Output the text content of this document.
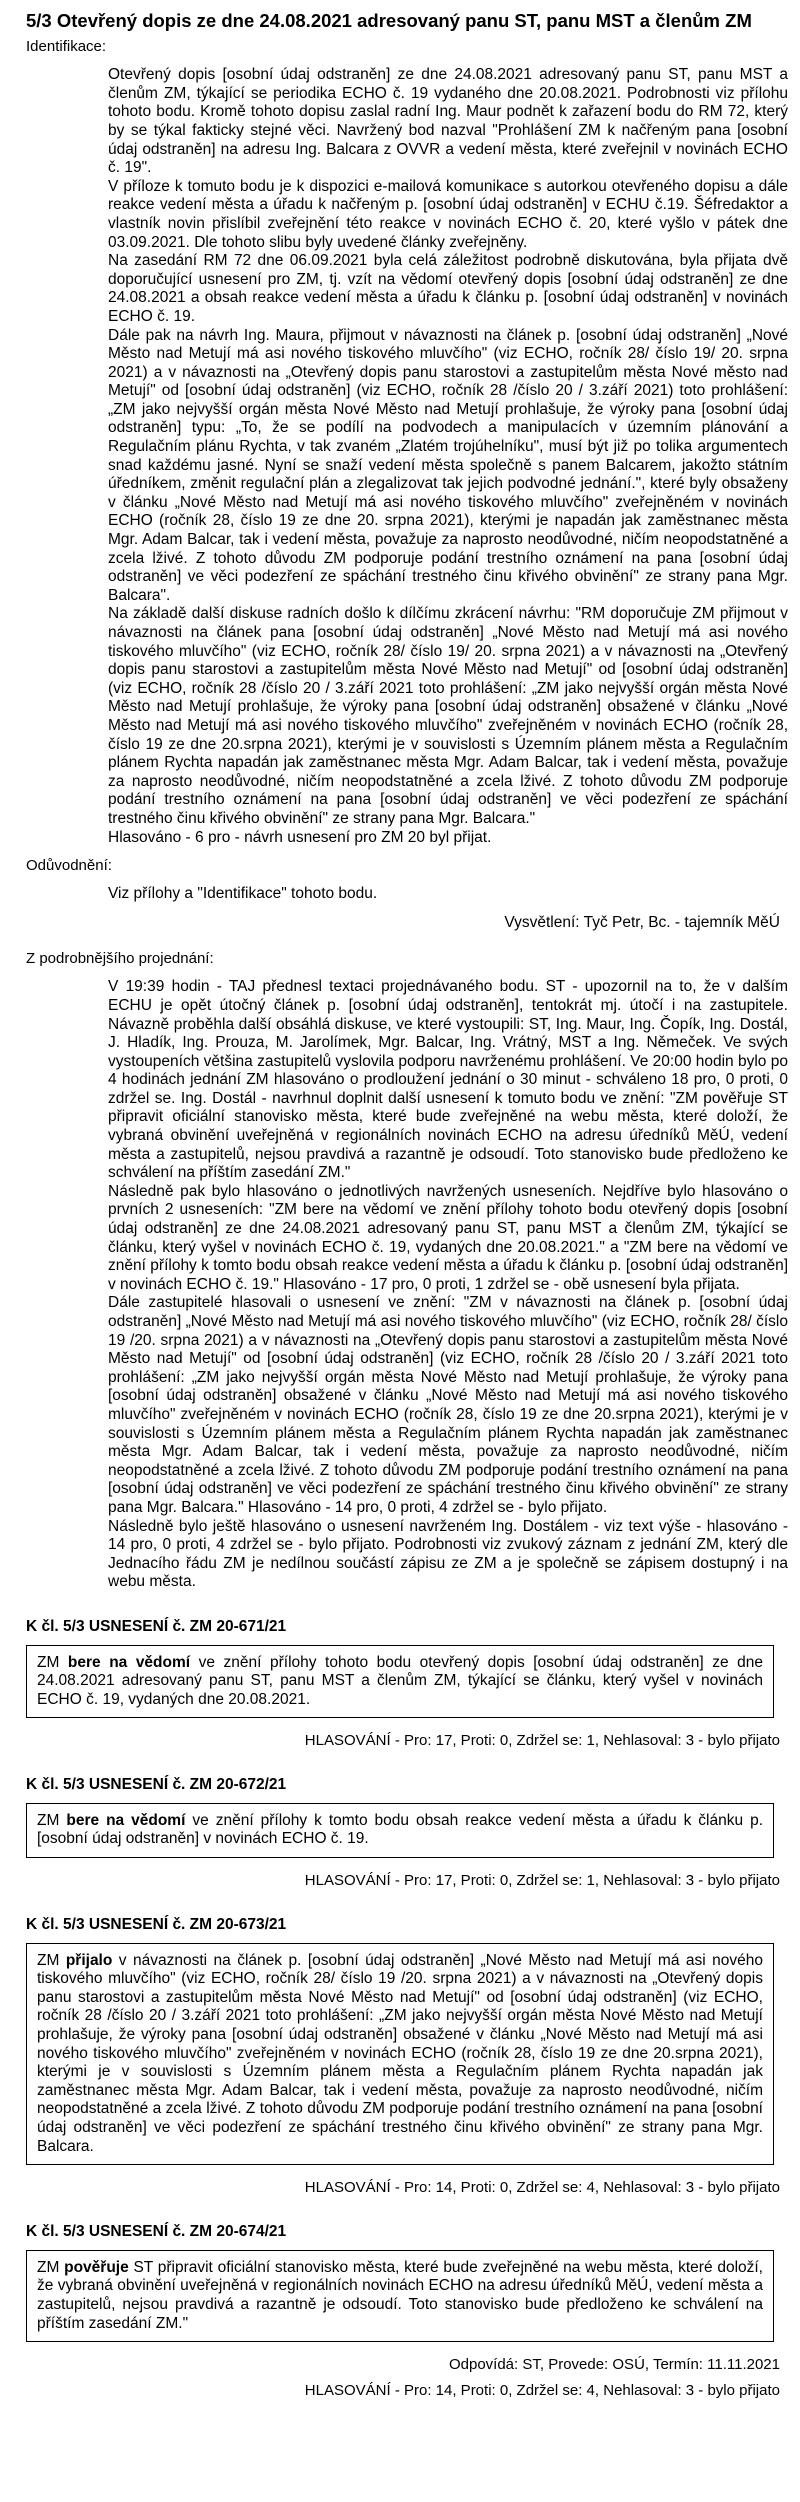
5/3 Otevřený dopis ze dne 24.08.2021 adresovaný panu ST, panu MST a členům ZM
Identifikace:

Otevřený dopis [osobní údaj odstraněn] ze dne 24.08.2021 adresovaný panu ST, panu MST a členům ZM, týkající se periodika ECHO č. 19 vydaného dne 20.08.2021. Podrobnosti viz přílohu tohoto bodu. Kromě tohoto dopisu zaslal radní Ing. Maur podnět k zařazení bodu do RM 72, který by se týkal fakticky stejné věci. Navržený bod nazval "Prohlášení ZM k načřeným pana [osobní údaj odstraněn] na adresu Ing. Balcara z OVVR a vedení města, které zveřejnil v novinách ECHO č. 19".

V příloze k tomuto bodu je k dispozici e-mailová komunikace s autorkou otevřeného dopisu a dále reakce vedení města a úřadu k načřeným p. [osobní údaj odstraněn] v ECHU č.19. Šéfredaktor a vlastník novin přislíbil zveřejnění této reakce v novinách ECHO č. 20, které vyšlo v pátek dne 03.09.2021. Dle tohoto slibu byly uvedené články zveřejněny.

Na zasedání RM 72 dne 06.09.2021 byla celá záležitost podrobně diskutována, byla přijata dvě doporučující usnesení pro ZM, tj. vzít na vědomí otevřený dopis [osobní údaj odstraněn] ze dne 24.08.2021 a obsah reakce vedení města a úřadu k článku p. [osobní údaj odstraněn] v novinách ECHO č. 19.

Dále pak na návrh Ing. Maura, přijmout v návaznosti na článek p. [osobní údaj odstraněn] „Nové Město nad Metují má asi nového tiskového mluvčího" (viz ECHO, ročník 28/ číslo 19/ 20. srpna 2021) a v návaznosti na „Otevřený dopis panu starostovi a zastupitelům města Nové město nad Metují" od [osobní údaj odstraněn] (viz ECHO, ročník 28 /číslo 20 / 3.září 2021) toto prohlášení: „ZM jako nejvyšší orgán města Nové Město nad Metují prohlašuje, že výroky pana [osobní údaj odstraněn] typu: „To, že se podílí na podvodech a manipulacích v územním plánování a Regulačním plánu Rychta, v tak zvaném „Zlatém trojúhelníku", musí být již po tolika argumentech snad každému jasné. Nyní se snaží vedení města společně s panem Balcarem, jakožto státním úředníkem, změnit regulační plán a zlegalizovat tak jejich podvodné jednání.", které byly obsaženy v článku „Nové Město nad Metují má asi nového tiskového mluvčího" zveřejněném v novinách ECHO (ročník 28, číslo 19 ze dne 20. srpna 2021), kterými je napadán jak zaměstnanec města Mgr. Adam Balcar, tak i vedení města, považuje za naprosto neodůvodné, ničím neopodstatněné a zcela lživé. Z tohoto důvodu ZM podporuje podání trestního oznámení na pana [osobní údaj odstraněn] ve věci podezření ze spáchání trestného činu křivého obvinění" ze strany pana Mgr. Balcara".

Na základě další diskuse radních došlo k dílčímu zkrácení návrhu: "RM doporučuje ZM přijmout v návaznosti na článek pana [osobní údaj odstraněn] „Nové Město nad Metují má asi nového tiskového mluvčího" (viz ECHO, ročník 28/ číslo 19/ 20. srpna 2021) a v návaznosti na „Otevřený dopis panu starostovi a zastupitelům města Nové Město nad Metují" od [osobní údaj odstraněn] (viz ECHO, ročník 28 /číslo 20 / 3.září 2021 toto prohlášení: „ZM jako nejvyšší orgán města Nové Město nad Metují prohlašuje, že výroky pana [osobní údaj odstraněn] obsažené v článku „Nové Město nad Metují má asi nového tiskového mluvčího" zveřejněném v novinách ECHO (ročník 28, číslo 19 ze dne 20.srpna 2021), kterými je v souvislosti s Územním plánem města a Regulačním plánem Rychta napadán jak zaměstnanec města Mgr. Adam Balcar, tak i vedení města, považuje za naprosto neodůvodné, ničím neopodstatněné a zcela lživé. Z tohoto důvodu ZM podporuje podání trestního oznámení na pana [osobní údaj odstraněn] ve věci podezření ze spáchání trestného činu křivého obvinění" ze strany pana Mgr. Balcara."

Hlasováno - 6 pro - návrh usnesení pro ZM 20 byl přijat.

Odůvodnění:
Viz přílohy a "Identifikace" tohoto bodu.
Vysvětlení: Tyč Petr, Bc. - tajemník MěÚ
Z podrobnějšího projednání:

V 19:39 hodin - TAJ přednesl textaci projednávaného bodu. ST - upozornil na to, že v dalším ECHU je opět útočný článek p. [osobní údaj odstraněn], tentokrát mj. útočí i na zastupitele. Návazně proběhla další obsáhlá diskuse, ve které vystoupili: ST, Ing. Maur, Ing. Čopík, Ing. Dostál, J. Hladík, Ing. Prouza, M. Jarolímek, Mgr. Balcar, Ing. Vrátný, MST a Ing. Němeček. Ve svých vystoupeních většina zastupitelů vyslovila podporu navrženému prohlášení. Ve 20:00 hodin bylo po 4 hodinách jednání ZM hlasováno o prodloužení jednání o 30 minut - schváleno 18 pro, 0 proti, 0 zdržel se. Ing. Dostál - navrhnul doplnit další usnesení k tomuto bodu ve znění: "ZM pověřuje ST připravit oficiální stanovisko města, které bude zveřejněné na webu města, které doloží, že vybraná obvinění uveřejněná v regionálních novinách ECHO na adresu úředníků MěÚ, vedení města a zastupitelů, nejsou pravdivá a razantně je odsoudí. Toto stanovisko bude předloženo ke schválení na příštím zasedání ZM."

Následně pak bylo hlasováno o jednotlivých navržených usneseních. Nejdříve bylo hlasováno o prvních 2 usneseních: "ZM bere na vědomí ve znění přílohy tohoto bodu otevřený dopis [osobní údaj odstraněn] ze dne 24.08.2021 adresovaný panu ST, panu MST a členům ZM, týkající se článku, který vyšel v novinách ECHO č. 19, vydaných dne 20.08.2021." a "ZM bere na vědomí ve znění přílohy k tomto bodu obsah reakce vedení města a úřadu k článku p. [osobní údaj odstraněn] v novinách ECHO č. 19." Hlasováno - 17 pro, 0 proti, 1 zdržel se - obě usnesení byla přijata.

Dále zastupitelé hlasovali o usnesení ve znění: "ZM v návaznosti na článek p. [osobní údaj odstraněn] „Nové Město nad Metují má asi nového tiskového mluvčího" (viz ECHO, ročník 28/ číslo 19 /20. srpna 2021) a v návaznosti na „Otevřený dopis panu starostovi a zastupitelům města Nové Město nad Metují" od [osobní údaj odstraněn] (viz ECHO, ročník 28 /číslo 20 / 3.září 2021 toto prohlášení: „ZM jako nejvyšší orgán města Nové Město nad Metují prohlašuje, že výroky pana [osobní údaj odstraněn] obsažené v článku „Nové Město nad Metují má asi nového tiskového mluvčího" zveřejněném v novinách ECHO (ročník 28, číslo 19 ze dne 20.srpna 2021), kterými je v souvislosti s Územním plánem města a Regulačním plánem Rychta napadán jak zaměstnanec města Mgr. Adam Balcar, tak i vedení města, považuje za naprosto neodůvodné, ničím neopodstatněné a zcela lživé. Z tohoto důvodu ZM podporuje podání trestního oznámení na pana [osobní údaj odstraněn] ve věci podezření ze spáchání trestného činu křivého obvinění" ze strany pana Mgr. Balcara." Hlasováno - 14 pro, 0 proti, 4 zdržel se - bylo přijato.

Následně bylo ještě hlasováno o usnesení navrženém Ing. Dostálem - viz text výše - hlasováno - 14 pro, 0 proti, 4 zdržel se - bylo přijato. Podrobnosti viz zvukový záznam z jednání ZM, který dle Jednacího řádu ZM je nedílnou součástí zápisu ze ZM a je společně se zápisem dostupný i na webu města.

K čl. 5/3 USNESENÍ č. ZM 20-671/21
ZM bere na vědomí ve znění přílohy tohoto bodu otevřený dopis [osobní údaj odstraněn] ze dne 24.08.2021 adresovaný panu ST, panu MST a členům ZM, týkající se článku, který vyšel v novinách ECHO č. 19, vydaných dne 20.08.2021.
HLASOVÁNÍ - Pro: 17, Proti: 0, Zdržel se: 1, Nehlasoval: 3 - bylo přijato
K čl. 5/3 USNESENÍ č. ZM 20-672/21
ZM bere na vědomí ve znění přílohy k tomto bodu obsah reakce vedení města a úřadu k článku p. [osobní údaj odstraněn] v novinách ECHO č. 19.
HLASOVÁNÍ - Pro: 17, Proti: 0, Zdržel se: 1, Nehlasoval: 3 - bylo přijato
K čl. 5/3 USNESENÍ č. ZM 20-673/21
ZM přijalo v návaznosti na článek p. [osobní údaj odstraněn] „Nové Město nad Metují má asi nového tiskového mluvčího" (viz ECHO, ročník 28/ číslo 19 /20. srpna 2021) a v návaznosti na „Otevřený dopis panu starostovi a zastupitelům města Nové Město nad Metují" od [osobní údaj odstraněn] (viz ECHO, ročník 28 /číslo 20 / 3.září 2021 toto prohlášení: „ZM jako nejvyšší orgán města Nové Město nad Metují prohlašuje, že výroky pana [osobní údaj odstraněn] obsažené v článku „Nové Město nad Metují má asi nového tiskového mluvčího" zveřejněném v novinách ECHO (ročník 28, číslo 19 ze dne 20.srpna 2021), kterými je v souvislosti s Územním plánem města a Regulačním plánem Rychta napadán jak zaměstnanec města Mgr. Adam Balcar, tak i vedení města, považuje za naprosto neodůvodné, ničím neopodstatněné a zcela lživé. Z tohoto důvodu ZM podporuje podání trestního oznámení na pana [osobní údaj odstraněn] ve věci podezření ze spáchání trestného činu křivého obvinění" ze strany pana Mgr. Balcara.
HLASOVÁNÍ - Pro: 14, Proti: 0, Zdržel se: 4, Nehlasoval: 3 - bylo přijato
K čl. 5/3 USNESENÍ č. ZM 20-674/21
ZM pověřuje ST připravit oficiální stanovisko města, které bude zveřejněné na webu města, které doloží, že vybraná obvinění uveřejněná v regionálních novinách ECHO na adresu úředníků MěÚ, vedení města a zastupitelů, nejsou pravdivá a razantně je odsoudí. Toto stanovisko bude předloženo ke schválení na příštím zasedání ZM."
Odpovídá: ST, Provede: OSÚ, Termín: 11.11.2021
HLASOVÁNÍ - Pro: 14, Proti: 0, Zdržel se: 4, Nehlasoval: 3 - bylo přijato
